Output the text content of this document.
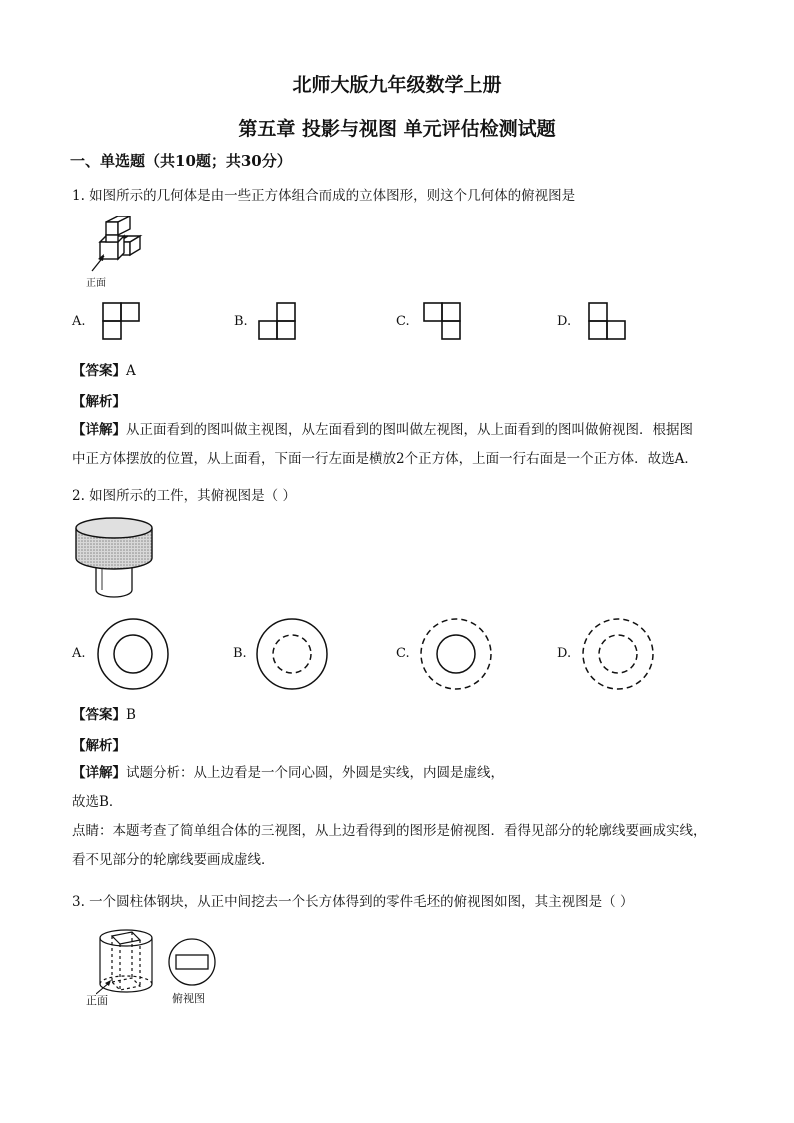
北师大版九年级数学上册
第五章 投影与视图 单元评估检测试题
一、单选题（共10题；共30分）
1. 如图所示的几何体是由一些正方体组合而成的立体图形，则这个几何体的俯视图是
正面
A.	B.	C.	D.
【答案】A
【解析】
【详解】从正面看到的图叫做主视图，从左面看到的图叫做左视图，从上面看到的图叫做俯视图．根据图
中正方体摆放的位置，从上面看，下面一行左面是横放2个正方体，上面一行右面是一个正方体．故选A．
2. 如图所示的工件，其俯视图是（ ）
A.	B.	C.	D.
【答案】B
【解析】
【详解】试题分析：从上边看是一个同心圆，外圆是实线，内圆是虚线，
故选B．
点睛：本题考查了简单组合体的三视图，从上边看得到的图形是俯视图．看得见部分的轮廓线要画成实线，
看不见部分的轮廓线要画成虚线．
3. 一个圆柱体钢块，从正中间挖去一个长方体得到的零件毛坯的俯视图如图，其主视图是（ ）
正面	俯视图
